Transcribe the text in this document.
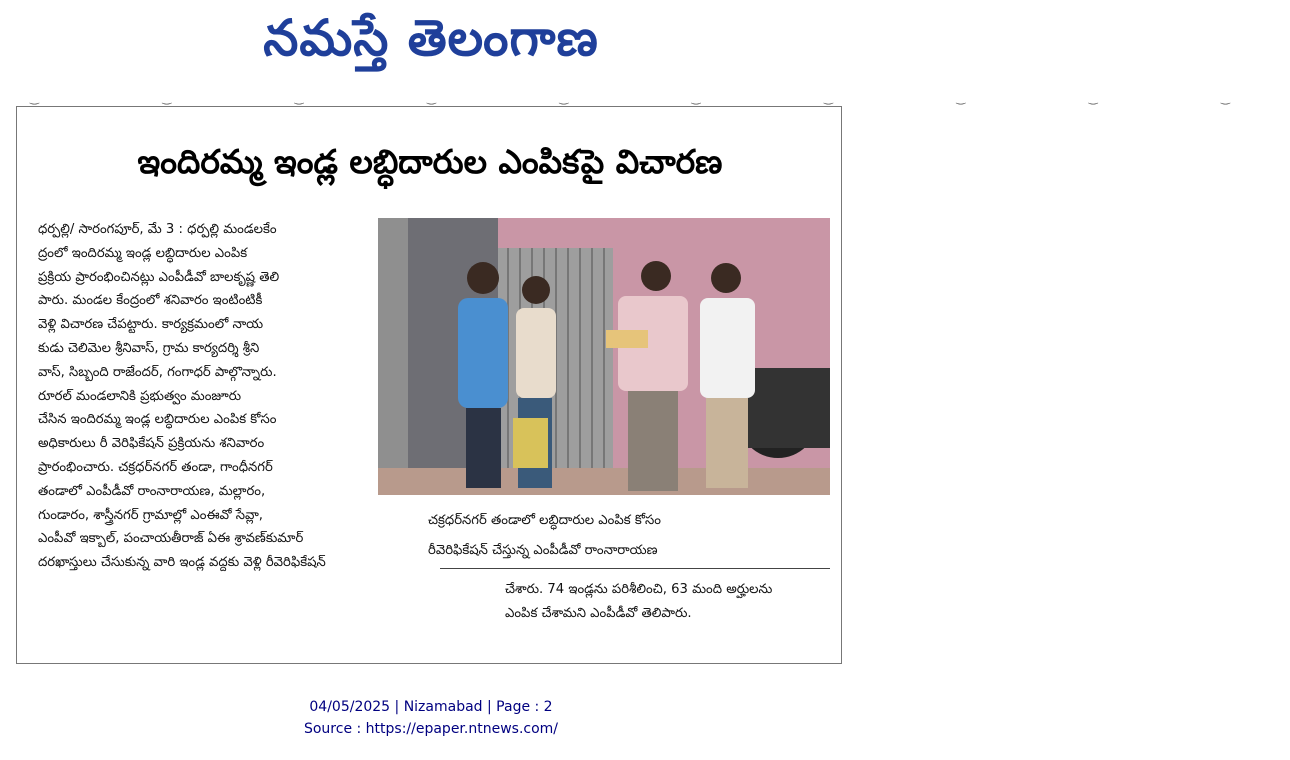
నమస్తే తెలంగాణ
‿ ‿ ‿ ‿ ‿ ‿ ‿ ‿ ‿ ‿
ఇందిరమ్మ ఇండ్ల లబ్ధిదారుల ఎంపికపై విచారణ

ధర్పల్లి/ సారంగపూర్, మే 3 : ధర్పల్లి మండలకేం

ద్రంలో ఇందిరమ్మ ఇండ్ల లబ్ధిదారుల ఎంపిక

ప్రక్రియ ప్రారంభించినట్లు ఎంపీడీవో బాలకృష్ణ తెలి

పారు. మండల కేంద్రంలో శనివారం ఇంటింటికీ

వెళ్లి విచారణ చేపట్టారు. కార్యక్రమంలో నాయ

కుడు చెలిమెల శ్రీనివాస్, గ్రామ కార్యదర్శి శ్రీని

వాస్, సిబ్బంది రాజేందర్, గంగాధర్ పాల్గొన్నారు.

రూరల్ మండలానికి ప్రభుత్వం మంజూరు

చేసిన ఇందిరమ్మ ఇండ్ల లబ్ధిదారుల ఎంపిక కోసం

అధికారులు రీ వెరిఫికేషన్ ప్రక్రియను శనివారం

ప్రారంభించారు. చక్రధర్‌నగర్ తండా, గాంధీనగర్

తండాలో ఎంపీడీవో రాంనారాయణ, మల్లారం,

గుండారం, శాస్త్రీనగర్ గ్రామాల్లో ఎంఈవో సేవ్లా,

ఎంపీవో ఇక్బాల్, పంచాయతీరాజ్ ఏఈ శ్రావణ్‌కుమార్

దరఖాస్తులు చేసుకున్న వారి ఇండ్ల వద్దకు వెళ్లి రీవెరిఫికేషన్

చక్రధర్‌నగర్ తండాలో లబ్ధిదారుల ఎంపిక కోసం
రీవెరిఫికేషన్ చేస్తున్న ఎంపీడీవో రాంనారాయణ

చేశారు. 74 ఇండ్లను పరిశీలించి, 63 మంది అర్హులను

ఎంపిక చేశామని ఎంపీడీవో తెలిపారు.

04/05/2025 | Nizamabad | Page : 2
Source : https://epaper.ntnews.com/
